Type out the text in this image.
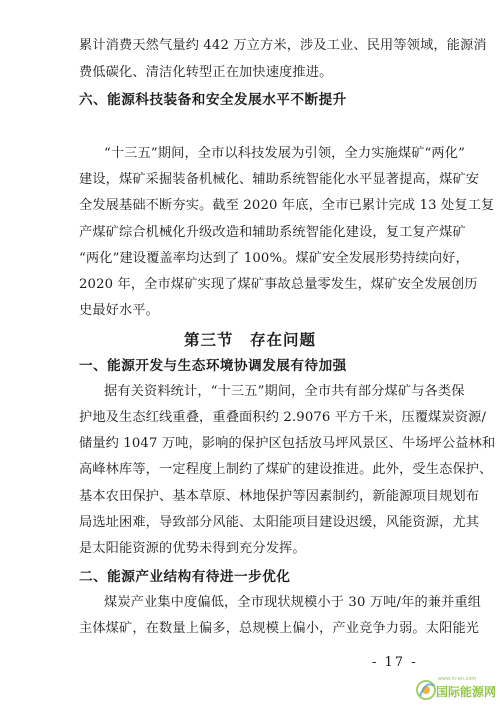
累计消费天然气量约 442 万立方米，涉及工业、民用等领域，能源消
费低碳化、清洁化转型正在加快速度推进。
六、能源科技装备和安全发展水平不断提升
“十三五”期间，全市以科技发展为引领，全力实施煤矿“两化”
建设，煤矿采掘装备机械化、辅助系统智能化水平显著提高，煤矿安
全发展基础不断夯实。截至 2020 年底，全市已累计完成 13 处复工复
产煤矿综合机械化升级改造和辅助系统智能化建设，复工复产煤矿
“两化”建设覆盖率均达到了 100%。煤矿安全发展形势持续向好，
2020 年，全市煤矿实现了煤矿事故总量零发生，煤矿安全发展创历
史最好水平。
第三节　存在问题
一、能源开发与生态环境协调发展有待加强
据有关资料统计，“十三五”期间，全市共有部分煤矿与各类保
护地及生态红线重叠，重叠面积约 2.9076 平方千米，压覆煤炭资源/
储量约 1047 万吨，影响的保护区包括放马坪风景区、牛场坪公益林和
高峰林库等，一定程度上制约了煤矿的建设推进。此外，受生态保护、
基本农田保护、基本草原、林地保护等因素制约，新能源项目规划布
局选址困难，导致部分风能、太阳能项目建设迟缓，风能资源，尤其
是太阳能资源的优势未得到充分发挥。
二、能源产业结构有待进一步优化
煤炭产业集中度偏低，全市现状规模小于 30 万吨/年的兼并重组
主体煤矿，在数量上偏多，总规模上偏小，产业竞争力弱。太阳能光
- 17 -
www.in-en.com
国际能源网
